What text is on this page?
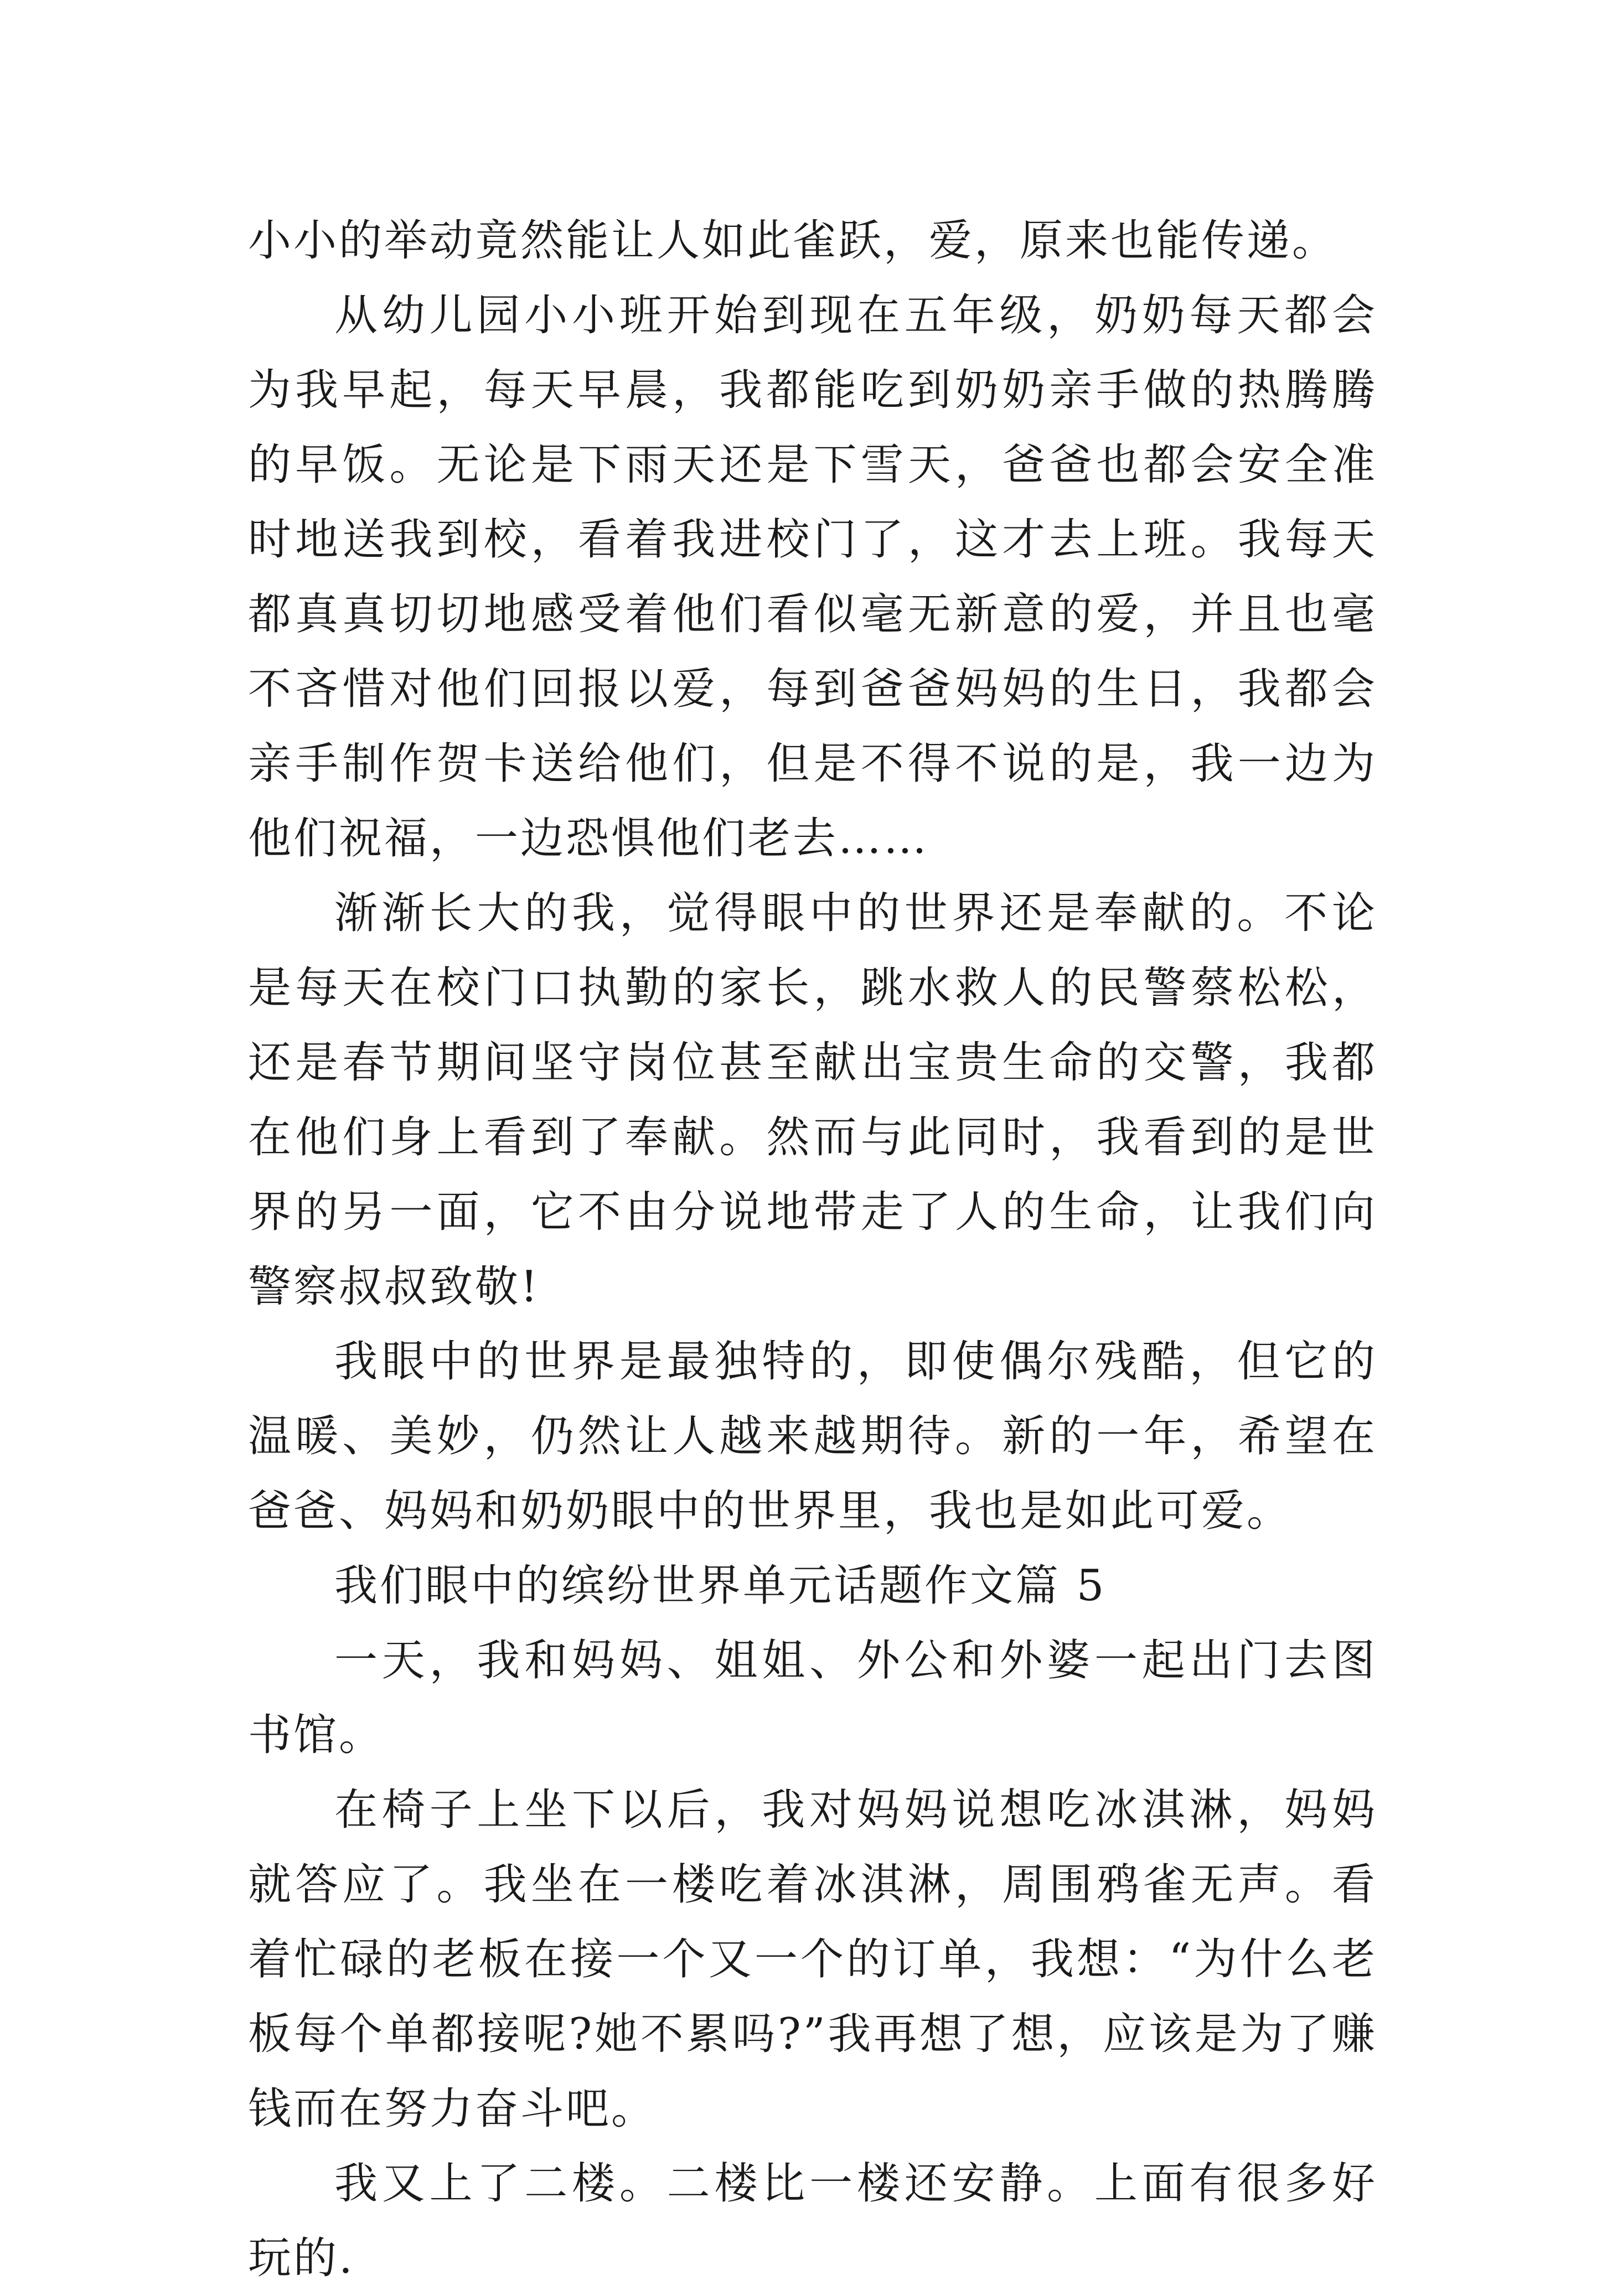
小小的举动竟然能让人如此雀跃，爱，原来也能传递。

从幼儿园小小班开始到现在五年级，奶奶每天都会为我早起，每天早晨，我都能吃到奶奶亲手做的热腾腾的早饭。无论是下雨天还是下雪天，爸爸也都会安全准时地送我到校，看着我进校门了，这才去上班。我每天都真真切切地感受着他们看似毫无新意的爱，并且也毫不吝惜对他们回报以爱，每到爸爸妈妈的生日，我都会亲手制作贺卡送给他们，但是不得不说的是，我一边为他们祝福，一边恐惧他们老去……

渐渐长大的我，觉得眼中的世界还是奉献的。不论是每天在校门口执勤的家长，跳水救人的民警蔡松松，还是春节期间坚守岗位甚至献出宝贵生命的交警，我都在他们身上看到了奉献。然而与此同时，我看到的是世界的另一面，它不由分说地带走了人的生命，让我们向警察叔叔致敬!

我眼中的世界是最独特的，即使偶尔残酷，但它的温暖、美妙，仍然让人越来越期待。新的一年，希望在爸爸、妈妈和奶奶眼中的世界里，我也是如此可爱。

我们眼中的缤纷世界单元话题作文篇 5

一天，我和妈妈、姐姐、外公和外婆一起出门去图书馆。

在椅子上坐下以后，我对妈妈说想吃冰淇淋，妈妈就答应了。我坐在一楼吃着冰淇淋，周围鸦雀无声。看着忙碌的老板在接一个又一个的订单，我想：“为什么老板每个单都接呢?她不累吗?”我再想了想，应该是为了赚钱而在努力奋斗吧。

我又上了二楼。二楼比一楼还安静。上面有很多好玩的.
